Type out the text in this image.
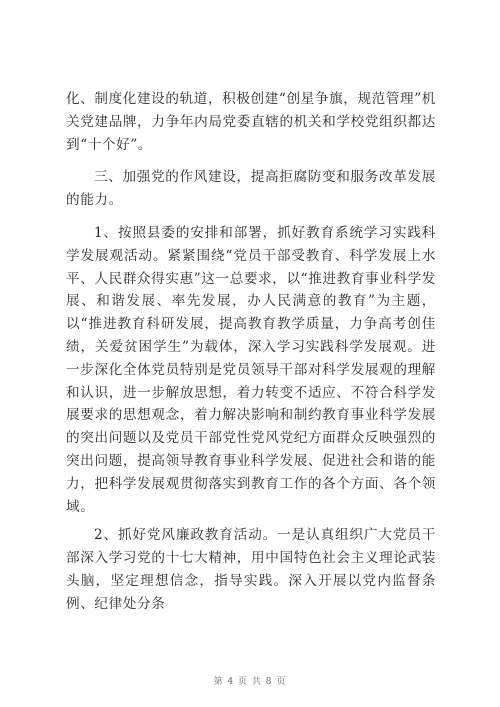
化、制度化建设的轨道，积极创建“创星争旗，规范管理”机关党建品牌，力争年内局党委直辖的机关和学校党组织都达到“十个好”。

三、加强党的作风建设，提高拒腐防变和服务改革发展的能力。

1、按照县委的安排和部署，抓好教育系统学习实践科学发展观活动。紧紧围绕“党员干部受教育、科学发展上水平、人民群众得实惠”这一总要求，以“推进教育事业科学发展、和谐发展、率先发展，办人民满意的教育”为主题，以“推进教育科研发展，提高教育教学质量，力争高考创佳绩，关爱贫困学生”为载体，深入学习实践科学发展观。进一步深化全体党员特别是党员领导干部对科学发展观的理解和认识，进一步解放思想，着力转变不适应、不符合科学发展要求的思想观念，着力解决影响和制约教育事业科学发展的突出问题以及党员干部党性党风党纪方面群众反映强烈的突出问题，提高领导教育事业科学发展、促进社会和谐的能力，把科学发展观贯彻落实到教育工作的各个方面、各个领域。

2、抓好党风廉政教育活动。一是认真组织广大党员干部深入学习党的十七大精神，用中国特色社会主义理论武装头脑，坚定理想信念，指导实践。深入开展以党内监督条例、纪律处分条

第 4 页 共 8 页
